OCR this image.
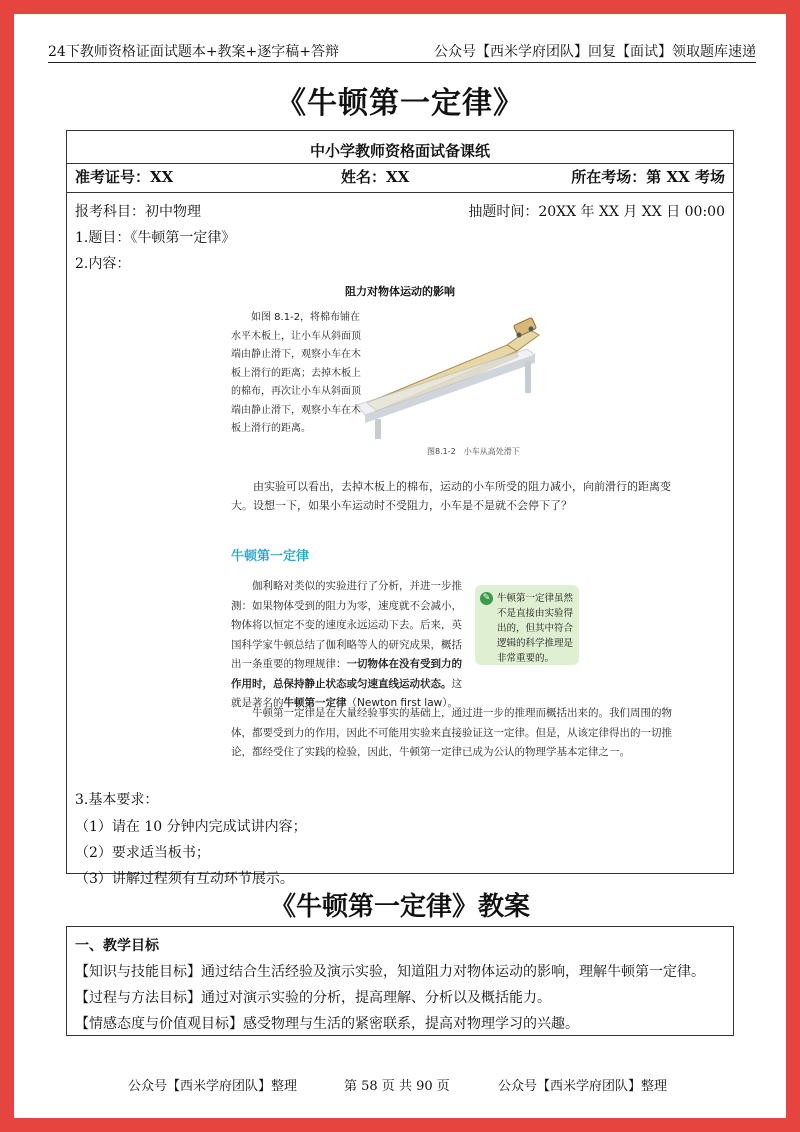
24下教师资格证面试题本+教案+逐字稿+答辩	公众号【西米学府团队】回复【面试】领取题库速递
《牛顿第一定律》
中小学教师资格面试备课纸
准考证号：XX	姓名：XX	所在考场：第 XX 考场
报考科目：初中物理	抽题时间：20XX 年 XX 月 XX 日 00:00
1.题目：《牛顿第一定律》
2.内容：
阻力对物体运动的影响
如图 8.1-2，将棉布铺在水平木板上，让小车从斜面顶端由静止滑下，观察小车在木板上滑行的距离；去掉木板上的棉布，再次让小车从斜面顶端由静止滑下，观察小车在木板上滑行的距离。
图8.1-2　小车从高处滑下
由实验可以看出，去掉木板上的棉布，运动的小车所受的阻力减小，向前滑行的距离变大。设想一下，如果小车运动时不受阻力，小车是不是就不会停下了？
牛顿第一定律
伽利略对类似的实验进行了分析，并进一步推测：如果物体受到的阻力为零，速度就不会减小，物体将以恒定不变的速度永远运动下去。后来，英国科学家牛顿总结了伽利略等人的研究成果，概括出一条重要的物理规律：一切物体在没有受到力的作用时，总保持静止状态或匀速直线运动状态。这就是著名的牛顿第一定律（Newton first law）。
✎ 牛顿第一定律虽然不是直接由实验得出的，但其中符合逻辑的科学推理是非常重要的。
牛顿第一定律是在大量经验事实的基础上，通过进一步的推理而概括出来的。我们周围的物体，都要受到力的作用，因此不可能用实验来直接验证这一定律。但是，从该定律得出的一切推论，都经受住了实践的检验，因此，牛顿第一定律已成为公认的物理学基本定律之一。
3.基本要求：
（1）请在 10 分钟内完成试讲内容；
（2）要求适当板书；
（3）讲解过程须有互动环节展示。
《牛顿第一定律》教案
一、教学目标
【知识与技能目标】通过结合生活经验及演示实验，知道阻力对物体运动的影响，理解牛顿第一定律。
【过程与方法目标】通过对演示实验的分析，提高理解、分析以及概括能力。
【情感态度与价值观目标】感受物理与生活的紧密联系，提高对物理学习的兴趣。
公众号【西米学府团队】整理	第 58 页 共 90 页	公众号【西米学府团队】整理
